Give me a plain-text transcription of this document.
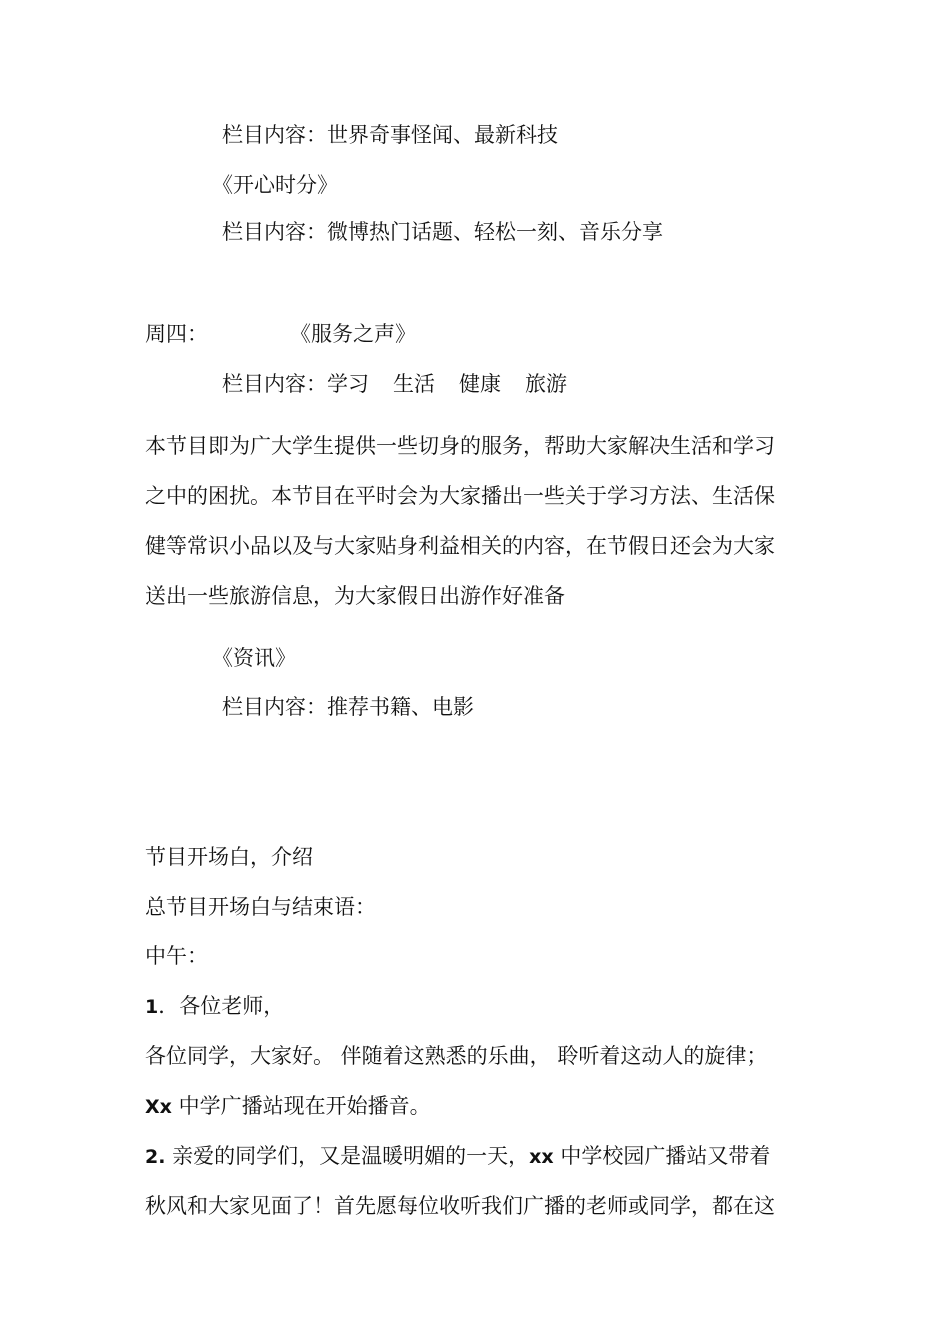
栏目内容：世界奇事怪闻、最新科技
《开心时分》
栏目内容：微博热门话题、轻松一刻、音乐分享
周四：	《服务之声》
栏目内容：学习 生活 健康 旅游
本节目即为广大学生提供一些切身的服务，帮助大家解决生活和学习
之中的困扰。本节目在平时会为大家播出一些关于学习方法、生活保
健等常识小品以及与大家贴身利益相关的内容，在节假日还会为大家
送出一些旅游信息，为大家假日出游作好准备
《资讯》
栏目内容：推荐书籍、电影
节目开场白，介绍
总节目开场白与结束语：
中午：
1．各位老师，
各位同学，大家好。 伴随着这熟悉的乐曲， 聆听着这动人的旋律；
Xx 中学广播站现在开始播音。
2. 亲爱的同学们，又是温暖明媚的一天，xx 中学校园广播站又带着
秋风和大家见面了！首先愿每位收听我们广播的老师或同学，都在这
